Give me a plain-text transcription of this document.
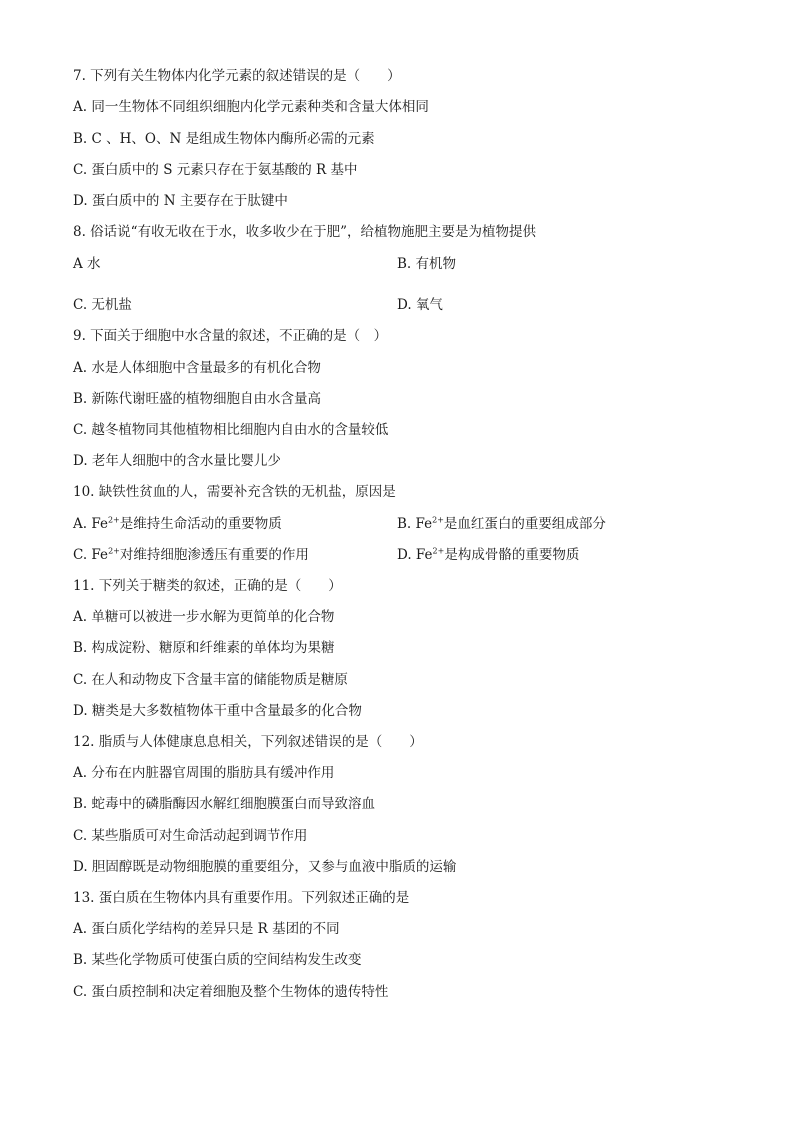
7. 下列有关生物体内化学元素的叙述错误的是（　　）
A. 同一生物体不同组织细胞内化学元素种类和含量大体相同
B. C 、H、O、N 是组成生物体内酶所必需的元素
C. 蛋白质中的 S 元素只存在于氨基酸的 R 基中
D. 蛋白质中的 N 主要存在于肽键中
8. 俗话说“有收无收在于水，收多收少在于肥”，给植物施肥主要是为植物提供
A 水	B. 有机物
C. 无机盐	D. 氧气
9. 下面关于细胞中水含量的叙述，不正确的是（　）
A. 水是人体细胞中含量最多的有机化合物
B. 新陈代谢旺盛的植物细胞自由水含量高
C. 越冬植物同其他植物相比细胞内自由水的含量较低
D. 老年人细胞中的含水量比婴儿少
10. 缺铁性贫血的人，需要补充含铁的无机盐，原因是
A. $Fe^{2+}$是维持生命活动的重要物质	B. $Fe^{2+}$是血红蛋白的重要组成部分
C. $Fe^{2+}$对维持细胞渗透压有重要的作用	D. $Fe^{2+}$是构成骨骼的重要物质
11. 下列关于糖类的叙述，正确的是（　　）
A. 单糖可以被进一步水解为更简单的化合物
B. 构成淀粉、糖原和纤维素的单体均为果糖
C. 在人和动物皮下含量丰富的储能物质是糖原
D. 糖类是大多数植物体干重中含量最多的化合物
12. 脂质与人体健康息息相关，下列叙述错误的是（　　）
A. 分布在内脏器官周围的脂肪具有缓冲作用
B. 蛇毒中的磷脂酶因水解红细胞膜蛋白而导致溶血
C. 某些脂质可对生命活动起到调节作用
D. 胆固醇既是动物细胞膜的重要组分，又参与血液中脂质的运输
13. 蛋白质在生物体内具有重要作用。下列叙述正确的是
A. 蛋白质化学结构的差异只是 R 基团的不同
B. 某些化学物质可使蛋白质的空间结构发生改变
C. 蛋白质控制和决定着细胞及整个生物体的遗传特性
